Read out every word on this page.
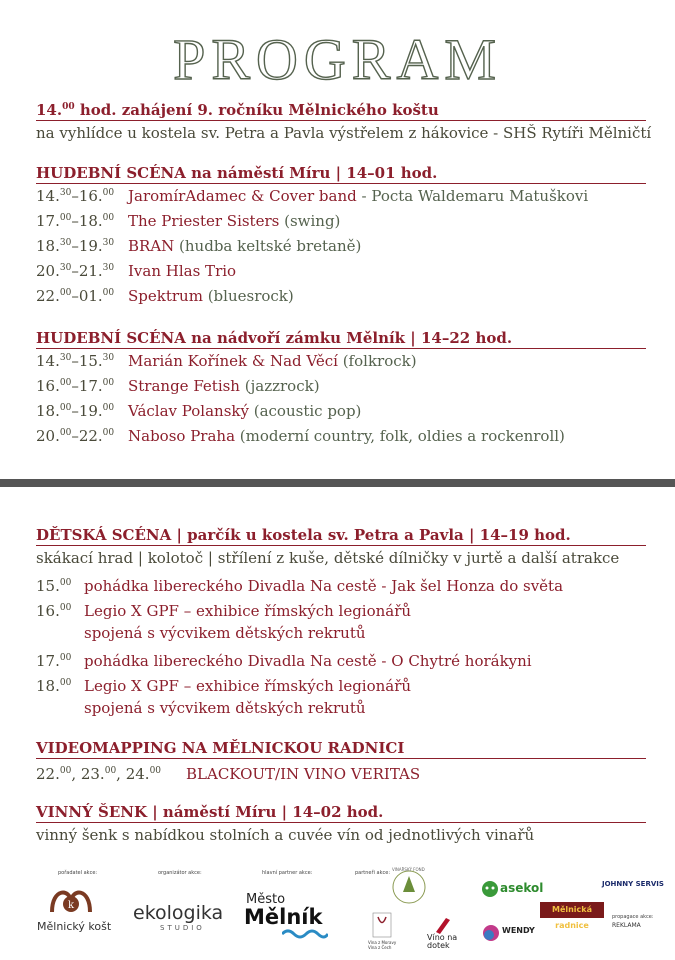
PROGRAM
14.00 hod. zahájení 9. ročníku Mělnického koštu
na vyhlídce u kostela sv. Petra a Pavla výstřelem z hákovice - SHŠ Rytíři Mělničtí
HUDEBNÍ SCÉNA na náměstí Míru | 14–01 hod.
14.30–16.00 JaromírAdamec & Cover band - Pocta Waldemaru Matuškovi
17.00–18.00 The Priester Sisters (swing)
18.30–19.30 BRAN (hudba keltské bretaně)
20.30–21.30 Ivan Hlas Trio
22.00–01.00 Spektrum (bluesrock)
HUDEBNÍ SCÉNA na nádvoří zámku Mělník | 14–22 hod.
14.30–15.30 Marián Kořínek & Nad Věcí (folkrock)
16.00–17.00 Strange Fetish (jazzrock)
18.00–19.00 Václav Polanský (acoustic pop)
20.00–22.00 Naboso Praha (moderní country, folk, oldies a rockenroll)
DĚTSKÁ SCÉNA | parčík u kostela sv. Petra a Pavla | 14–19 hod.
skákací hrad | kolotoč | střílení z kuše, dětské dílničky v jurtě a další atrakce
15.00 pohádka libereckého Divadla Na cestě - Jak šel Honza do světa
16.00 Legio X GPF – exhibice římských legionářů
spojená s výcvikem dětských rekrutů
17.00 pohádka libereckého Divadla Na cestě - O Chytré horákyni
18.00 Legio X GPF – exhibice římských legionářů
spojená s výcvikem dětských rekrutů
VIDEOMAPPING NA MĚLNICKOU RADNICI
22.00, 23.00, 24.00 BLACKOUT/IN VINO VERITAS
VINNÝ ŠENK | náměstí Míru | 14–02 hod.
vinný šenk s nabídkou stolních a cuvée vín od jednotlivých vinařů
pořadatel akce:
k
Mělnický košt
organizátor akce:
ekologika
STUDIO
hlavní partner akce:
Město
Mělník
partneři akce:
VINAŘSKÝ FOND
Vína z Moravy Vína z Čech
Víno na dotek
asekol
WENDY
Mělnická radnice
JOHNNY SERVIS
propagace akce:
REKLAMA
